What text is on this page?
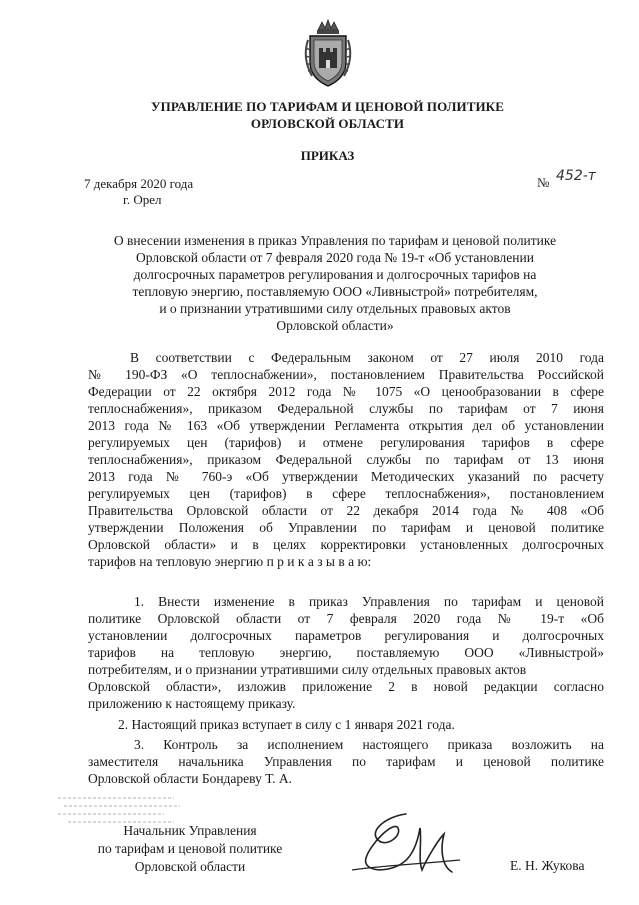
УПРАВЛЕНИЕ ПО ТАРИФАМ И ЦЕНОВОЙ ПОЛИТИКЕ
ОРЛОВСКОЙ ОБЛАСТИ
ПРИКАЗ
7 декабря 2020 года
г. Орел
№ 452-т
О внесении изменения в приказ Управления по тарифам и ценовой политике
Орловской области от 7 февраля 2020 года № 19-т «Об установлении
долгосрочных параметров регулирования и долгосрочных тарифов на
тепловую энергию, поставляемую ООО «Ливныстрой» потребителям,
и о признании утратившими силу отдельных правовых актов
Орловской области»
В соответствии с Федеральным законом от 27 июля 2010 года
№ 190-ФЗ «О теплоснабжении», постановлением Правительства Российской
Федерации от 22 октября 2012 года № 1075 «О ценообразовании в сфере
теплоснабжения», приказом Федеральной службы по тарифам от 7 июня
2013 года № 163 «Об утверждении Регламента открытия дел об установлении
регулируемых цен (тарифов) и отмене регулирования тарифов в сфере
теплоснабжения», приказом Федеральной службы по тарифам от 13 июня
2013 года № 760-э «Об утверждении Методических указаний по расчету
регулируемых цен (тарифов) в сфере теплоснабжения», постановлением
Правительства Орловской области от 22 декабря 2014 года № 408 «Об
утверждении Положения об Управлении по тарифам и ценовой политике
Орловской области» и в целях корректировки установленных долгосрочных
тарифов на тепловую энергию п р и к а з ы в а ю:
1. Внести изменение в приказ Управления по тарифам и ценовой
политике Орловской области от 7 февраля 2020 года № 19-т «Об
установлении долгосрочных параметров регулирования и долгосрочных
тарифов на тепловую энергию, поставляемую ООО «Ливныстрой»
потребителям, и о признании утратившими силу отдельных правовых актов
Орловской области», изложив приложение 2 в новой редакции согласно
приложению к настоящему приказу.
2. Настоящий приказ вступает в силу с 1 января 2021 года.
3. Контроль за исполнением настоящего приказа возложить на
заместителя начальника Управления по тарифам и ценовой политике
Орловской области Бондареву Т. А.
Начальник Управления
по тарифам и ценовой политике
Орловской области	Е. Н. Жукова
